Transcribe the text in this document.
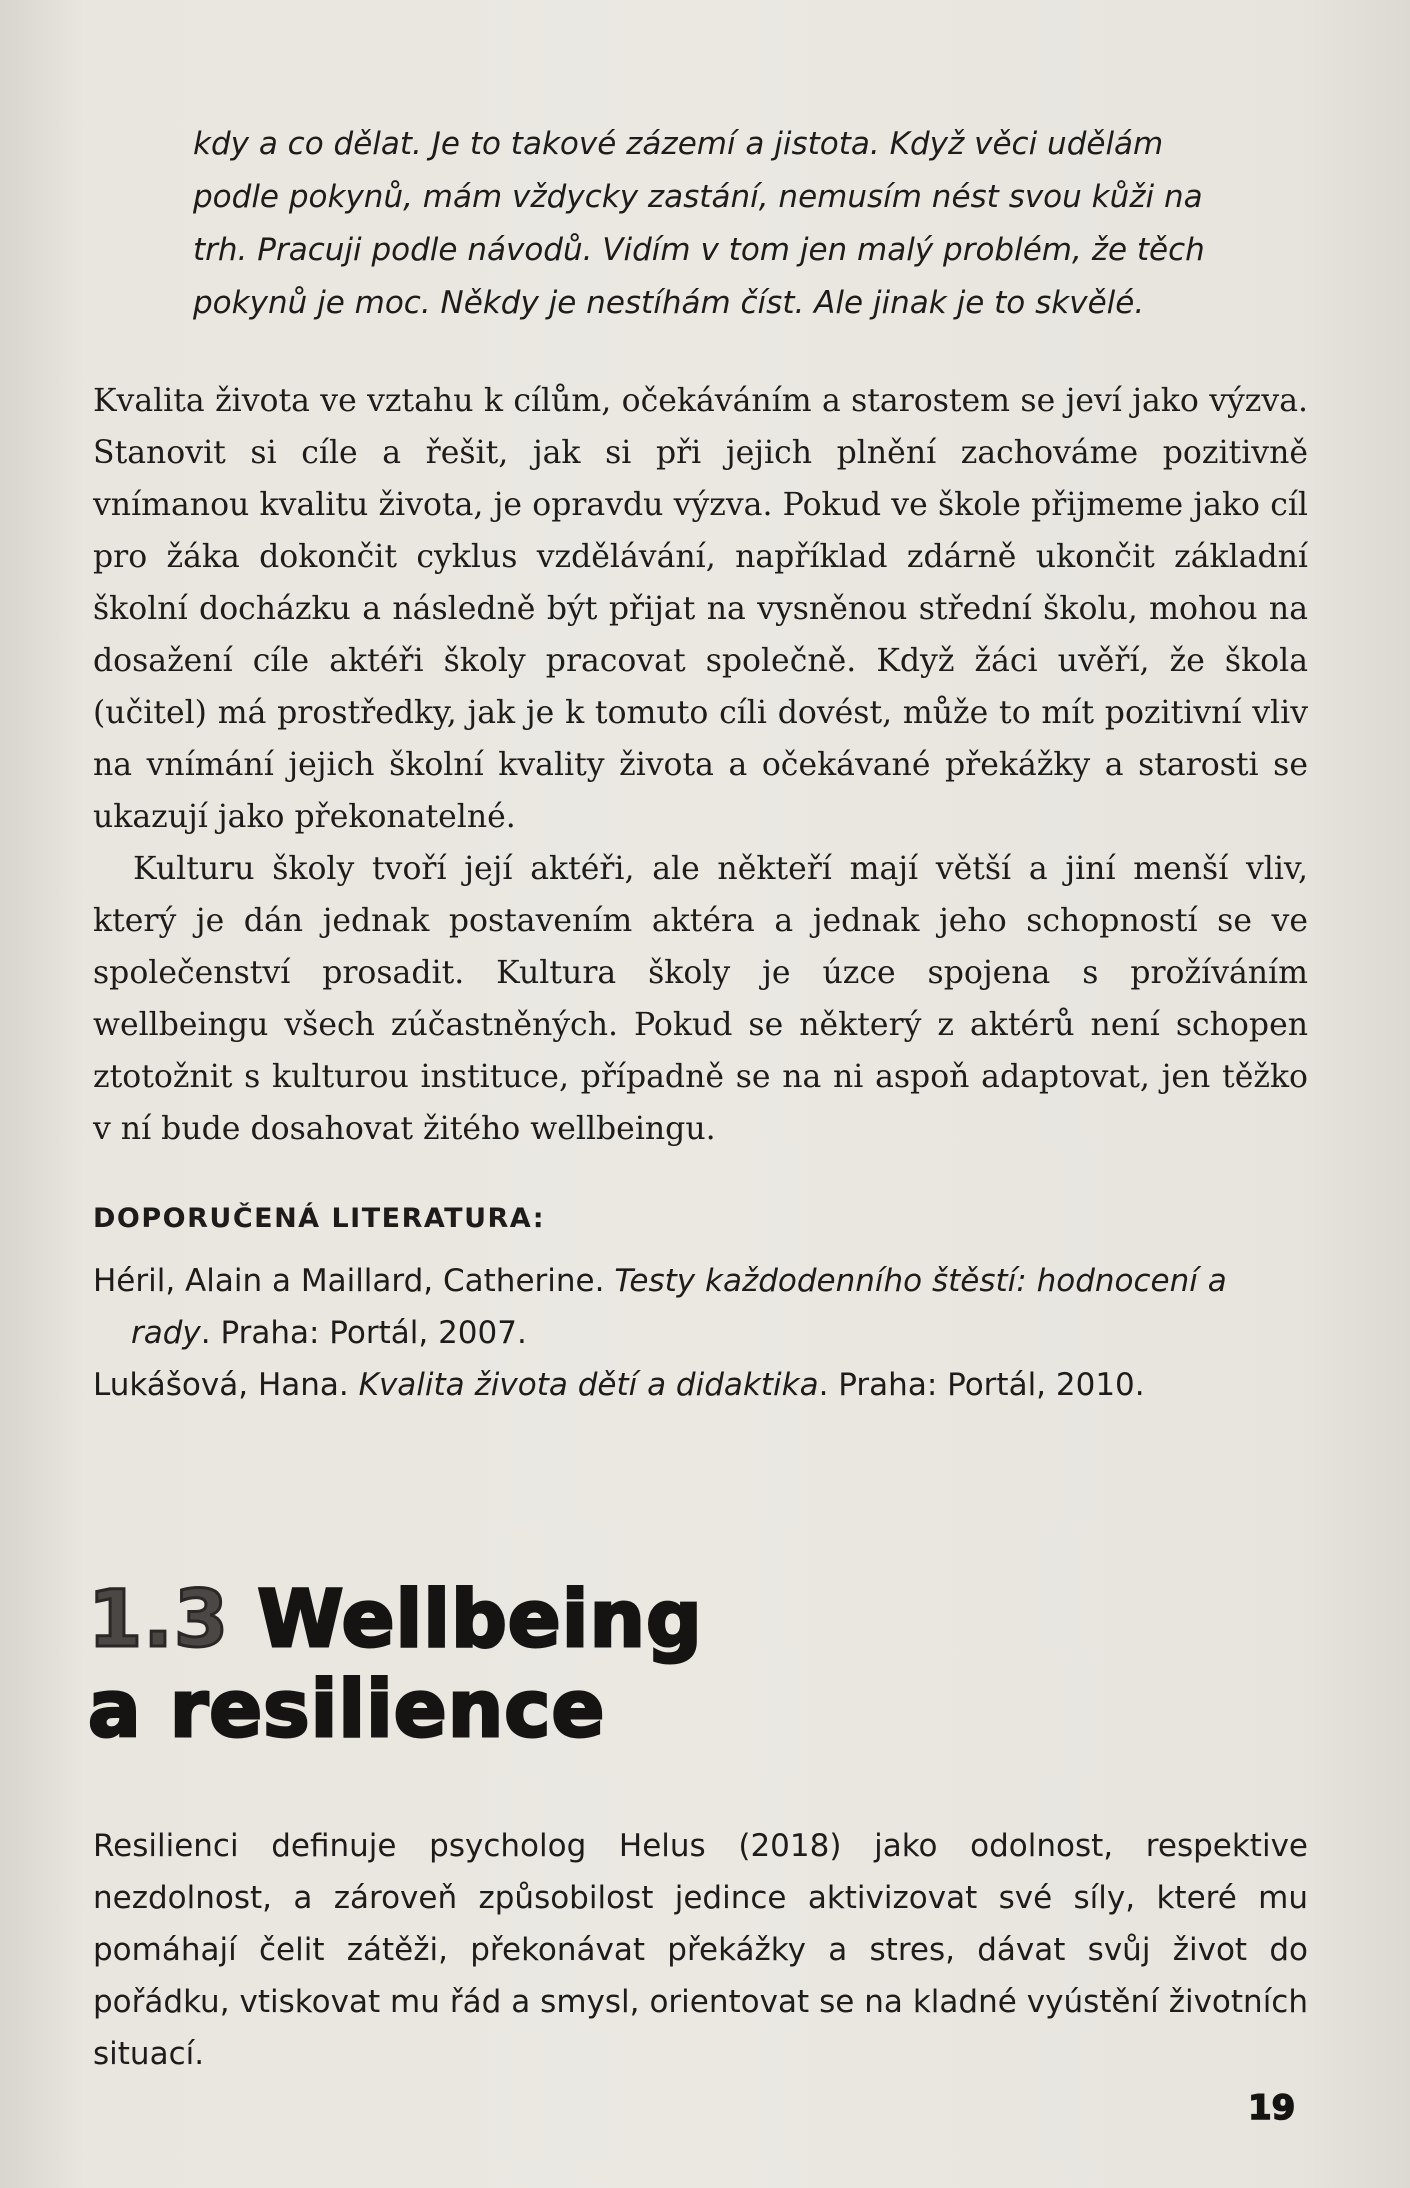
kdy a co dělat. Je to takové zázemí a jistota. Když věci udělám podle pokynů, mám vždycky zastání, nemusím nést svou kůži na trh. Pracuji podle návodů. Vidím v tom jen malý problém, že těch pokynů je moc. Někdy je nestíhám číst. Ale jinak je to skvělé.

Kvalita života ve vztahu k cílům, očekáváním a starostem se jeví jako výzva. Stanovit si cíle a řešit, jak si při jejich plnění zachováme pozitivně vnímanou kvalitu života, je opravdu výzva. Pokud ve škole přijmeme jako cíl pro žáka dokončit cyklus vzdělávání, například zdárně ukončit základní školní docházku a následně být přijat na vysněnou střední školu, mohou na dosažení cíle aktéři školy pracovat společně. Když žáci uvěří, že škola (učitel) má prostředky, jak je k tomuto cíli dovést, může to mít pozitivní vliv na vnímání jejich školní kvality života a očekávané překážky a starosti se ukazují jako překonatelné.

Kulturu školy tvoří její aktéři, ale někteří mají větší a jiní menší vliv, který je dán jednak postavením aktéra a jednak jeho schopností se ve společenství prosadit. Kultura školy je úzce spojena s prožíváním wellbeingu všech zúčastněných. Pokud se některý z aktérů není schopen ztotožnit s kulturou instituce, případně se na ni aspoň adaptovat, jen těžko v ní bude dosahovat žitého wellbeingu.

DOPORUČENÁ LITERATURA:
Héril, Alain a Maillard, Catherine. Testy každodenního štěstí: hodnocení a rady. Praha: Portál, 2007.
Lukášová, Hana. Kvalita života dětí a didaktika. Praha: Portál, 2010.
1.3 Wellbeing
a resilience

Resilienci definuje psycholog Helus (2018) jako odolnost, respektive nezdolnost, a zároveň způsobilost jedince aktivizovat své síly, které mu pomáhají čelit zátěži, překonávat překážky a stres, dávat svůj život do pořádku, vtiskovat mu řád a smysl, orientovat se na kladné vyústění životních situací.

19
